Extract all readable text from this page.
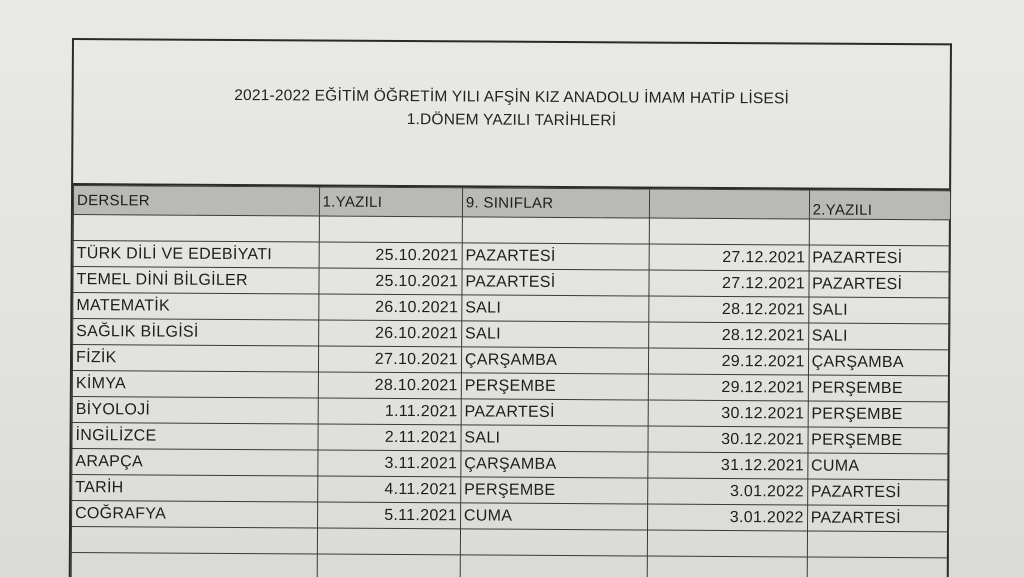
2021-2022 EĞİTİM ÖĞRETİM YILI AFŞİN KIZ ANADOLU İMAM HATİP LİSESİ
1.DÖNEM YAZILI TARİHLERİ
DERSLER	1.YAZILI	9. SINIFLAR		2.YAZILI

TÜRK DİLİ VE EDEBİYATI	25.10.2021	PAZARTESİ	27.12.2021	PAZARTESİ
TEMEL DİNİ BİLGİLER	25.10.2021	PAZARTESİ	27.12.2021	PAZARTESİ
MATEMATİK	26.10.2021	SALI	28.12.2021	SALI
SAĞLIK BİLGİSİ	26.10.2021	SALI	28.12.2021	SALI
FİZİK	27.10.2021	ÇARŞAMBA	29.12.2021	ÇARŞAMBA
KİMYA	28.10.2021	PERŞEMBE	29.12.2021	PERŞEMBE
BİYOLOJİ	1.11.2021	PAZARTESİ	30.12.2021	PERŞEMBE
İNGİLİZCE	2.11.2021	SALI	30.12.2021	PERŞEMBE
ARAPÇA	3.11.2021	ÇARŞAMBA	31.12.2021	CUMA
TARİH	4.11.2021	PERŞEMBE	3.01.2022	PAZARTESİ
COĞRAFYA	5.11.2021	CUMA	3.01.2022	PAZARTESİ
